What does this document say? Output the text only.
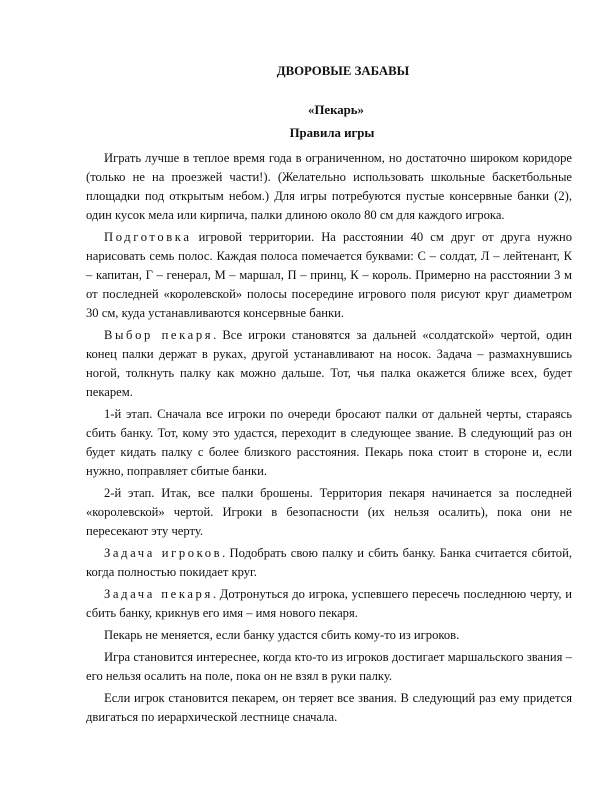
ДВОРОВЫЕ ЗАБАВЫ
«Пекарь»
Правила игры

Играть лучше в теплое время года в ограниченном, но достаточно широком коридоре (только не на проезжей части!). (Желательно использовать школьные баскетбольные площадки под открытым небом.) Для игры потребуются пустые консервные банки (2), один кусок мела или кирпича, палки длиною около 80 см для каждого игрока.

Подготовка игровой территории. На расстоянии 40 см друг от друга нужно нарисовать семь полос. Каждая полоса помечается буквами: С – солдат, Л – лейтенант, К – капитан, Г – генерал, М – маршал, П – принц, К – король. Примерно на расстоянии 3 м от последней «королевской» полосы посередине игрового поля рисуют круг диаметром 30 см, куда устанавливаются консервные банки.

Выбор пекаря. Все игроки становятся за дальней «солдатской» чертой, один конец палки держат в руках, другой устанавливают на носок. Задача – размахнувшись ногой, толкнуть палку как можно дальше. Тот, чья палка окажется ближе всех, будет пекарем.

1-й этап. Сначала все игроки по очереди бросают палки от дальней черты, стараясь сбить банку. Тот, кому это удастся, переходит в следующее звание. В следующий раз он будет кидать палку с более близкого расстояния. Пекарь пока стоит в стороне и, если нужно, поправляет сбитые банки.

2-й этап. Итак, все палки брошены. Территория пекаря начинается за последней «королевской» чертой. Игроки в безопасности (их нельзя осалить), пока они не пересекают эту черту.

Задача игроков. Подобрать свою палку и сбить банку. Банка считается сбитой, когда полностью покидает круг.

Задача пекаря. Дотронуться до игрока, успевшего пересечь последнюю черту, и сбить банку, крикнув его имя – имя нового пекаря.

Пекарь не меняется, если банку удастся сбить кому-то из игроков.

Игра становится интереснее, когда кто-то из игроков достигает маршальского звания – его нельзя осалить на поле, пока он не взял в руки палку.

Если игрок становится пекарем, он теряет все звания. В следующий раз ему придется двигаться по иерархической лестнице сначала.
